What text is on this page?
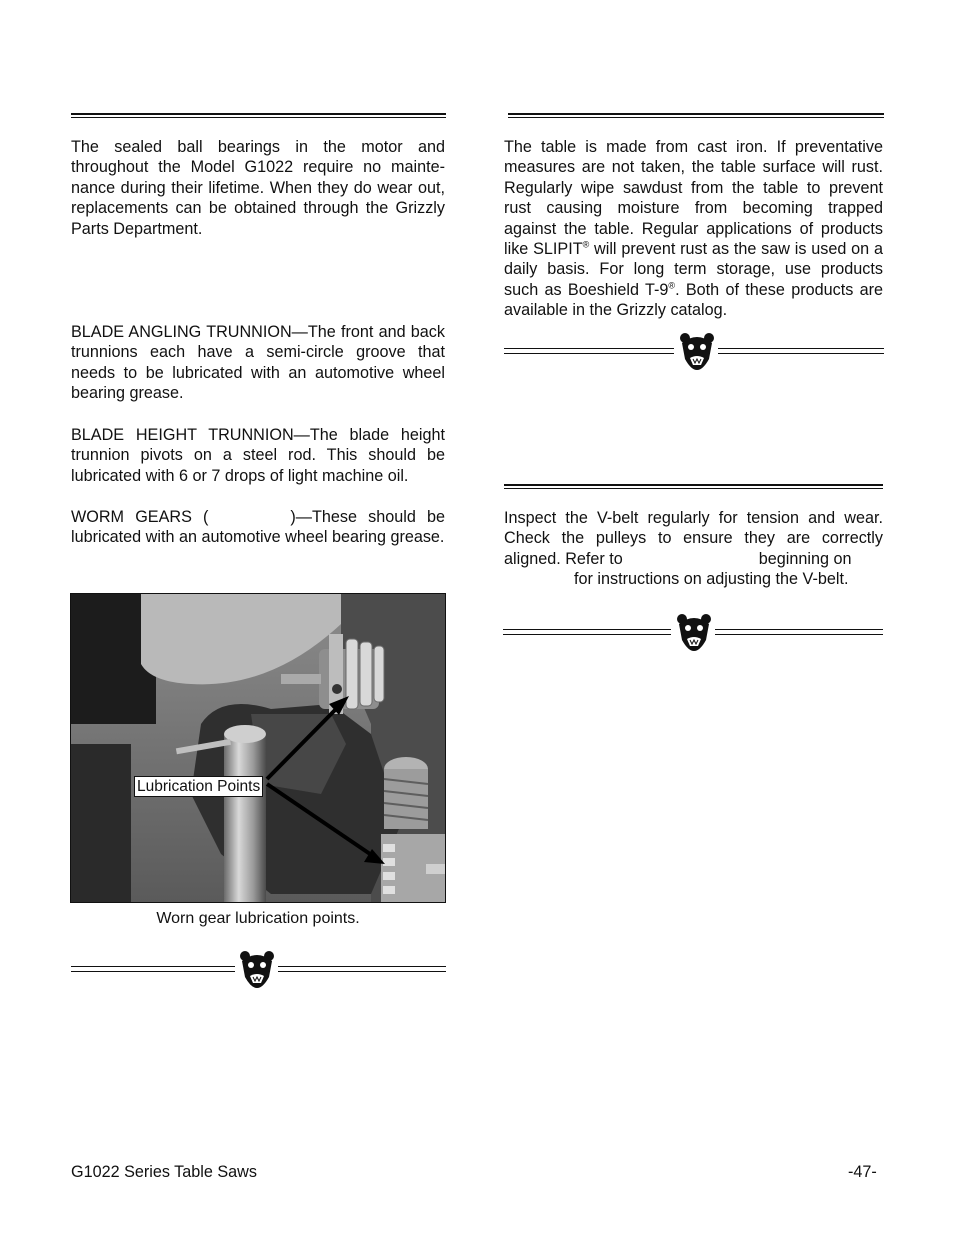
The sealed ball bearings in the motor and throughout the Model G1022 require no mainte-nance during their lifetime. When they do wear out, replacements can be obtained through the Grizzly Parts Department.

BLADE ANGLING TRUNNION—The front and back trunnions each have a semi-circle groove that needs to be lubricated with an automotive wheel bearing grease.

BLADE HEIGHT TRUNNION—The blade height trunnion pivots on a steel rod. This should be lubricated with 6 or 7 drops of light machine oil.

WORM GEARS (	)—These should be lubricated with an automotive wheel bearing grease.

Lubrication Points

Worn gear lubrication points.

The table is made from cast iron. If preventative measures are not taken, the table surface will rust. Regularly wipe sawdust from the table to prevent rust causing moisture from becoming trapped against the table. Regular applications of products like SLIPIT® will prevent rust as the saw is used on a daily basis. For long term storage, use products such as Boeshield T-9®. Both of these products are available in the Grizzly catalog.

Inspect the V-belt regularly for tension and wear. Check the pulleys to ensure they are correctly aligned. Refer to	beginning on
for instructions on adjusting the V-belt.

G1022 Series Table Saws	-47-
